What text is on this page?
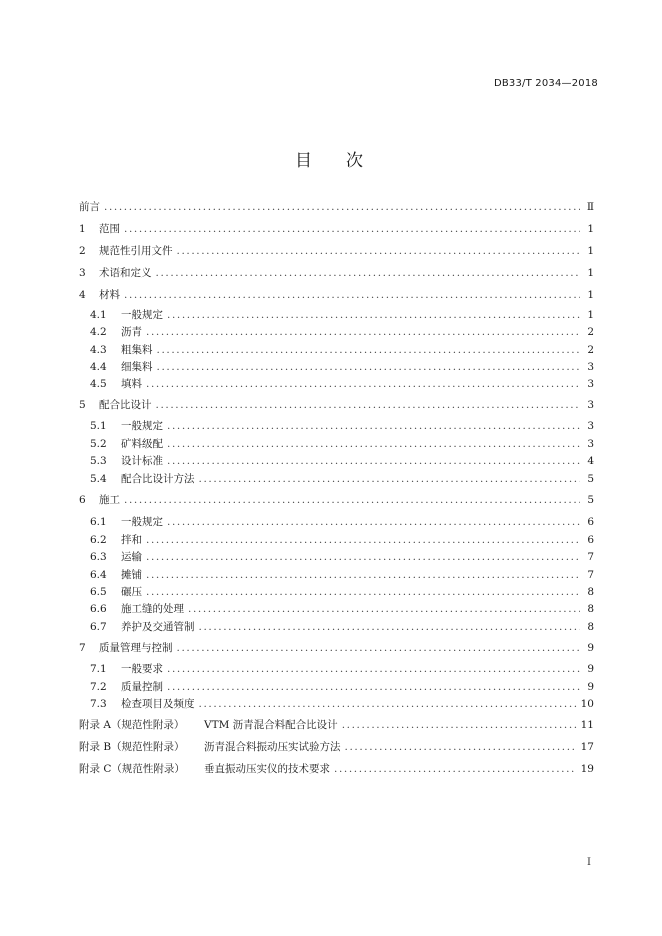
DB33/T 2034—2018
目 次
前言 .....	Ⅱ
1	范围 .....	1
2	规范性引用文件 .....	1
3	术语和定义 .....	1
4	材料 .....	1
4.1	一般规定 .....	1
4.2	沥青 .....	2
4.3	粗集料 .....	2
4.4	细集料 .....	3
4.5	填料 .....	3
5	配合比设计 .....	3
5.1	一般规定 .....	3
5.2	矿料级配 .....	3
5.3	设计标准 .....	4
5.4	配合比设计方法 .....	5
6	施工 .....	5
6.1	一般规定 .....	6
6.2	拌和 .....	6
6.3	运输 .....	7
6.4	摊铺 .....	7
6.5	碾压 .....	8
6.6	施工缝的处理 .....	8
6.7	养护及交通管制 .....	8
7	质量管理与控制 .....	9
7.1	一般要求 .....	9
7.2	质量控制 .....	9
7.3	检查项目及频度 .....	10
附录 A（规范性附录）	VTM 沥青混合料配合比设计 .....	11
附录 B（规范性附录）	沥青混合料振动压实试验方法 .....	17
附录 C（规范性附录）	垂直振动压实仪的技术要求 .....	19
I
